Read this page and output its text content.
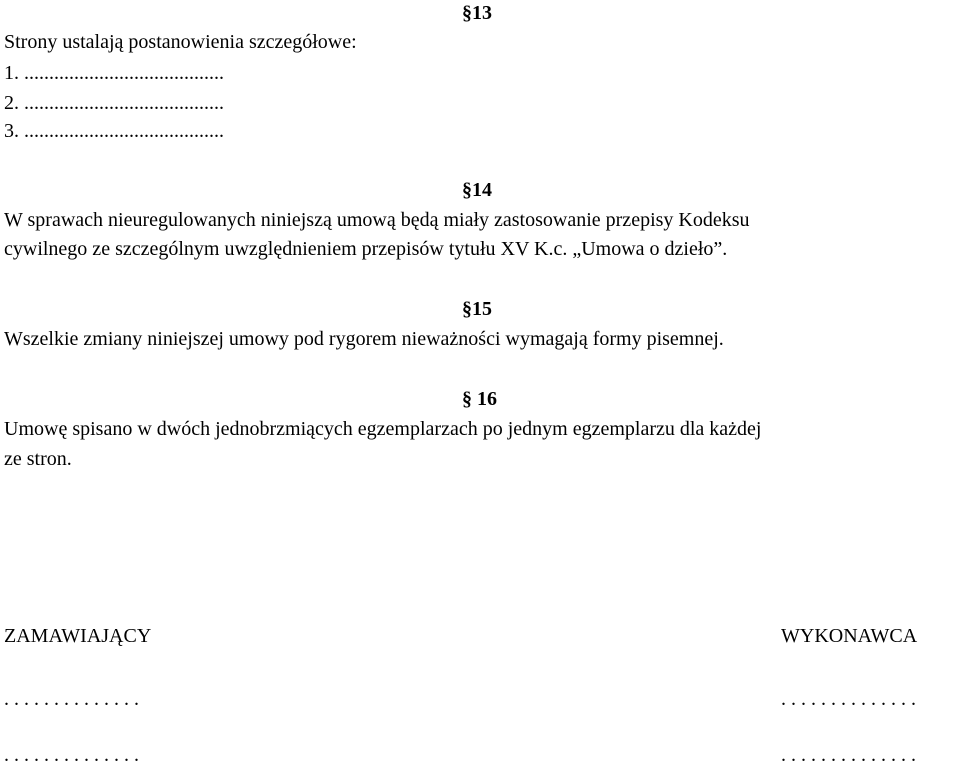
§13
Strony ustalają postanowienia szczegółowe:
1. ........................................
2. ........................................
3. ........................................
§14
W sprawach nieuregulowanych niniejszą umową będą miały zastosowanie przepisy Kodeksu
cywilnego ze szczególnym uwzględnieniem przepisów tytułu XV K.c. „Umowa o dzieło”.
§15
Wszelkie zmiany niniejszej umowy pod rygorem nieważności wymagają formy pisemnej.
§ 16
Umowę spisano w dwóch jednobrzmiących egzemplarzach po jednym egzemplarzu dla każdej
ze stron.
ZAMAWIAJĄCY	WYKONAWCA
. . . . . . . . . . . . . .	. . . . . . . . . . . . . .
. . . . . . . . . . . . . .	. . . . . . . . . . . . . .
